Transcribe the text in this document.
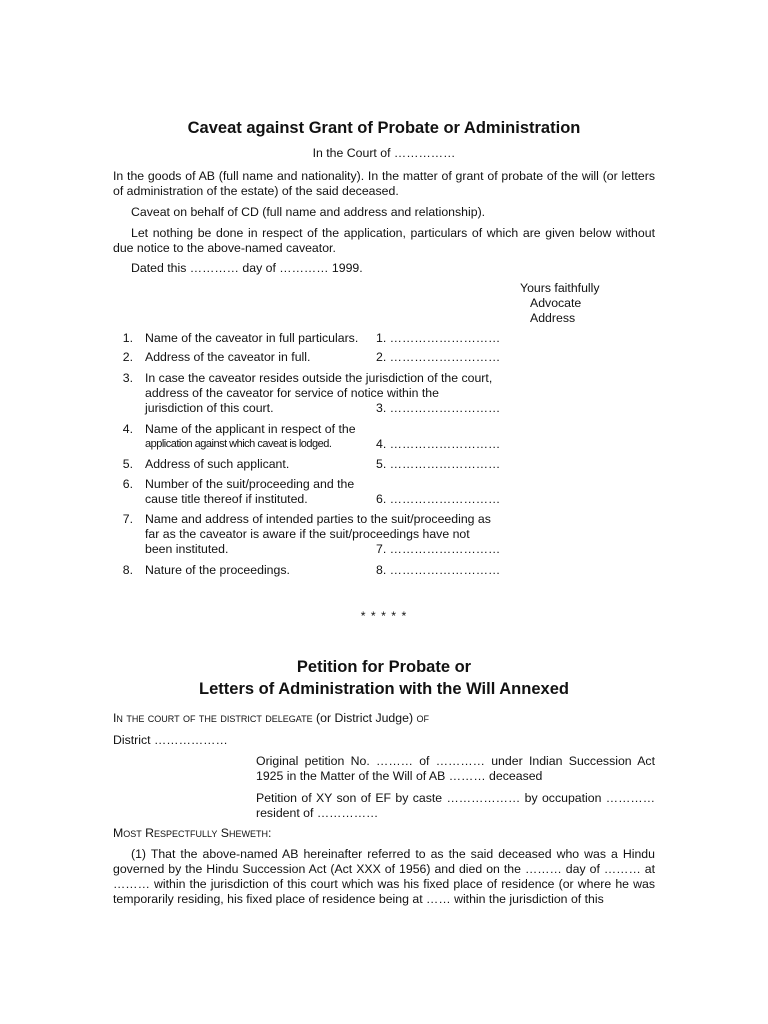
Caveat against Grant of Probate or Administration
In the Court of ……………
In the goods of AB (full name and nationality). In the matter of grant of probate of the will (or letters of administration of the estate) of the said deceased.
Caveat on behalf of CD (full name and address and relationship).
Let nothing be done in respect of the application, particulars of which are given below without due notice to the above-named caveator.
Dated this ………… day of ………… 1999.
Yours faithfully
Advocate
Address
1. Name of the caveator in full particulars.	1. ………………………
2. Address of the caveator in full.	2. ………………………
3. In case the caveator resides outside the jurisdiction of the court,
address of the caveator for service of notice within the
jurisdiction of this court.	3. ………………………
4. Name of the applicant in respect of the
application against which caveat is lodged.	4. ………………………
5. Address of such applicant.	5. ………………………
6. Number of the suit/proceeding and the
cause title thereof if instituted.	6. ………………………
7. Name and address of intended parties to the suit/proceeding as
far as the caveator is aware if the suit/proceedings have not
been instituted.	7. ………………………
8. Nature of the proceedings.	8. ………………………
* * * * *
Petition for Probate or
Letters of Administration with the Will Annexed
In the court of the district delegate (or District Judge) of
District ………………
Original petition No. ……… of ………… under Indian Succession Act 1925 in the Matter of the Will of AB ……… deceased
Petition of XY son of EF by caste ……………… by occupation ………… resident of ……………
Most Respectfully Sheweth:
(1) That the above-named AB hereinafter referred to as the said deceased who was a Hindu governed by the Hindu Succession Act (Act XXX of 1956) and died on the ……… day of ……… at ……… within the jurisdiction of this court which was his fixed place of residence (or where he was temporarily residing, his fixed place of residence being at …… within the jurisdiction of this
